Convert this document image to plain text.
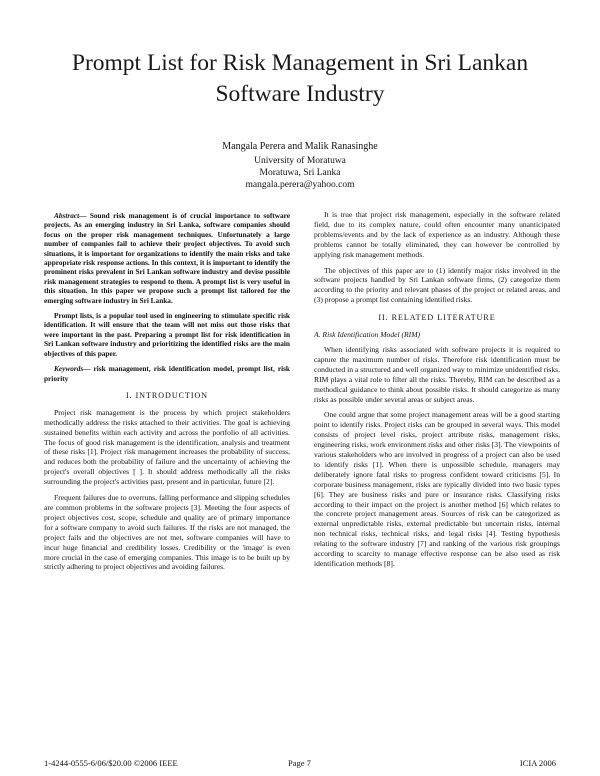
Prompt List for Risk Management in Sri Lankan
Software Industry
Mangala Perera and Malik Ranasinghe
University of Moratuwa
Moratuwa, Sri Lanka
mangala.perera@yahoo.com

Abstract— Sound risk management is of crucial importance to software projects. As an emerging industry in Sri Lanka, software companies should focus on the proper risk management techniques. Unfortunately a large number of companies fail to achieve their project objectives. To avoid such situations, it is important for organizations to identify the main risks and take appropriate risk response actions. In this context, it is important to identify the prominent risks prevalent in Sri Lankan software industry and devise possible risk management strategies to respond to them. A prompt list is very useful in this situation. In this paper we propose such a prompt list tailored for the emerging software industry in Sri Lanka.

Prompt lists, is a popular tool used in engineering to stimulate specific risk identification. It will ensure that the team will not miss out those risks that were important in the past. Preparing a prompt list for risk identification in Sri Lankan software industry and prioritizing the identified risks are the main objectives of this paper.

Keywords— risk management, risk identification model, prompt list, risk priority

I. INTRODUCTION

Project risk management is the process by which project stakeholders methodically address the risks attached to their activities. The goal is achieving sustained benefits within each activity and across the portfolio of all activities. The focus of good risk management is the identification, analysis and treatment of these risks [1]. Project risk management increases the probability of success, and reduces both the probability of failure and the uncertainty of achieving the project's overall objectives [ ]. It should address methodically all the risks surrounding the project's activities past, present and in particular, future [2].

Frequent failures due to overruns, falling performance and slipping schedules are common problems in the software projects [3]. Meeting the four aspects of project objectives cost, scope, schedule and quality are of primary importance for a software company to avoid such failures. If the risks are not managed, the project fails and the objectives are not met, software companies will have to incur huge financial and credibility losses. Credibility or the 'image' is even more crucial in the case of emerging companies. This image is to be built up by strictly adhering to project objectives and avoiding failures.

It is true that project risk management, especially in the software related field, due to its complex nature, could often encounter many unanticipated problems/events and by the lack of experience as an industry. Although these problems cannot be totally eliminated, they can however be controlled by applying risk management methods.

The objectives of this paper are to (1) identify major risks involved in the software projects handled by Sri Lankan software firms, (2) categorize them according to the priority and relevant phases of the project or related areas, and (3) propose a prompt list containing identified risks.

II. RELATED LITERATURE
A. Risk Identification Model (RIM)

When identifying risks associated with software projects it is required to capture the maximum number of risks. Therefore risk identification must be conducted in a structured and well organized way to minimize unidentified risks. RIM plays a vital role to filter all the risks. Thereby, RIM can be described as a methodical guidance to think about possible risks. It should categorize as many risks as possible under several areas or subject areas.

One could argue that some project management areas will be a good starting point to identify risks. Project risks can be grouped in several ways. This model consists of project level risks, project attribute risks, management risks, engineering risks, work environment risks and other risks [3]. The viewpoints of various stakeholders who are involved in progress of a project can also be used to identify risks [1]. When there is unpossible schedule, managers may deliberately ignore fatal risks to progress confident toward criticisms [5]. In corporate business management, risks are typically divided into two basic types [6]. They are business risks and pure or insurance risks. Classifying risks according to their impact on the project is another method [6] which relates to the concrete project management areas. Sources of risk can be categorized as external unpredictable risks, external predictable but uncertain risks, internal non technical risks, technical risks, and legal risks [4]. Testing hypothesis relating to the software industry [7] and ranking of the various risk groupings according to scarcity to manage effective response can be also used as risk identification methods [8].

1-4244-0555-6/06/$20.00 ©2006 IEEE	Page 7	ICIA 2006
